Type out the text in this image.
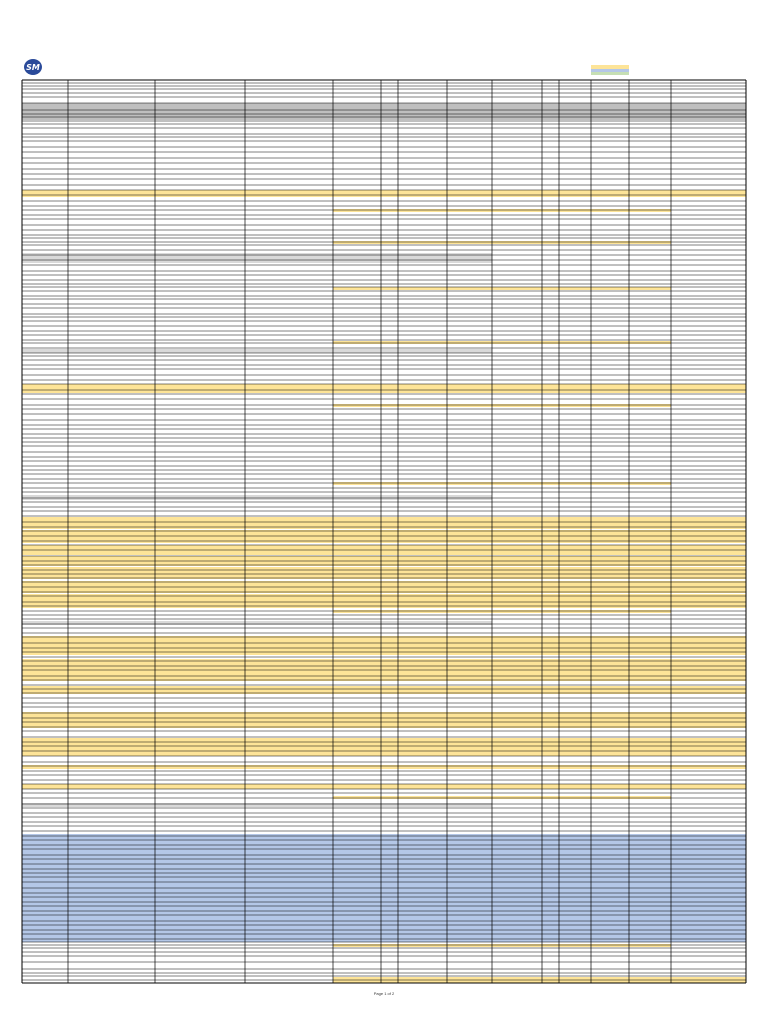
SM
Page 1 of 2
